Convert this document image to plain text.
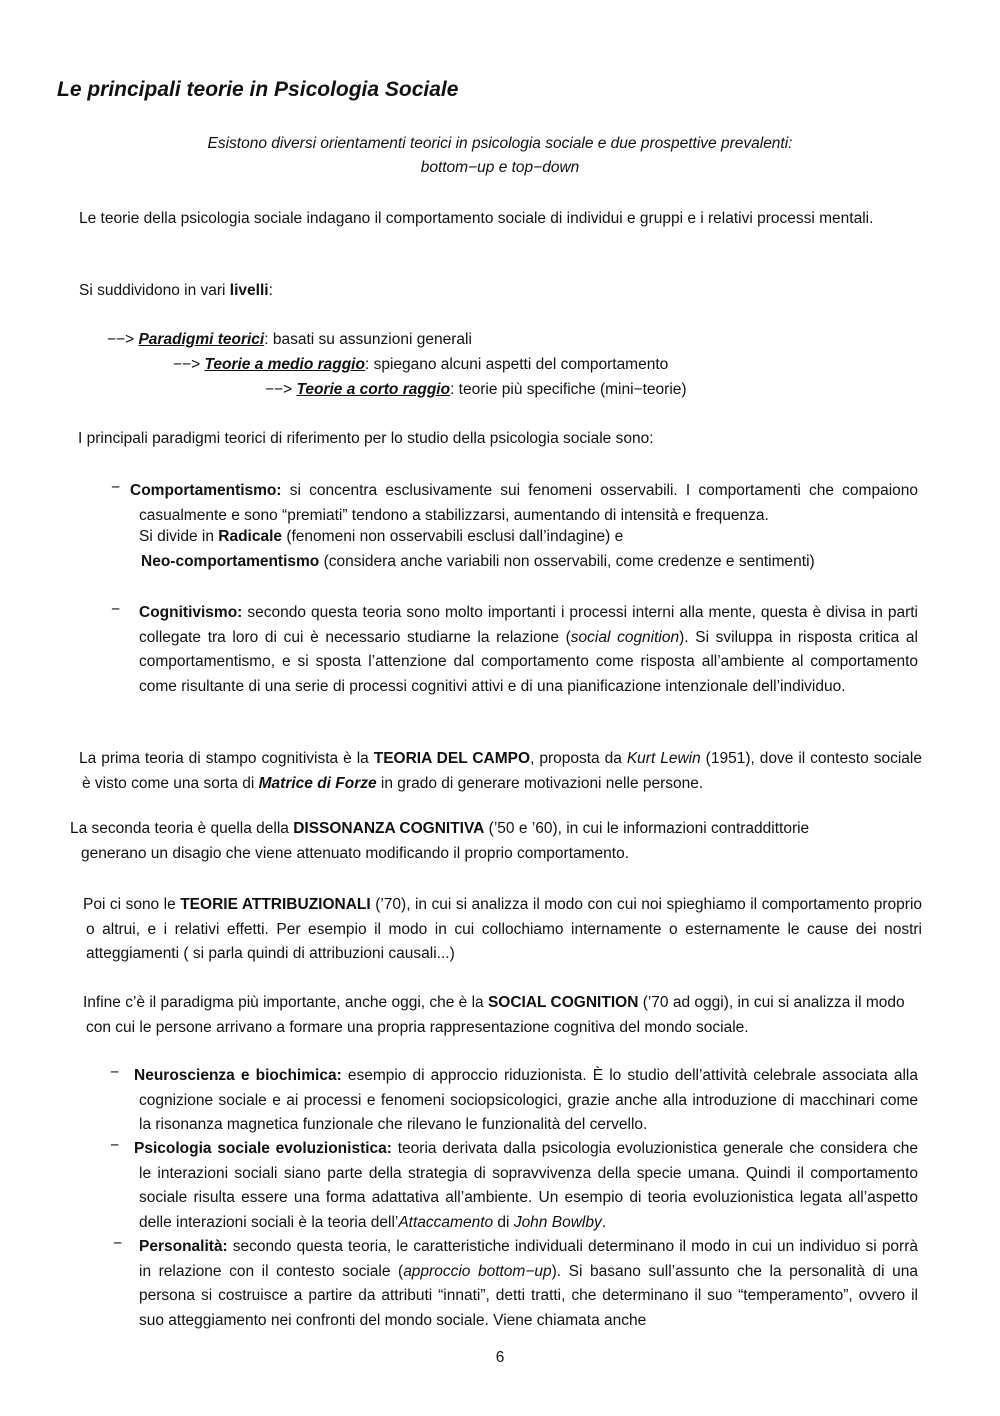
Le principali teorie in Psicologia Sociale
Esistono diversi orientamenti teorici in psicologia sociale e due prospettive prevalenti:
bottom−up e top−down
Le teorie della psicologia sociale indagano il comportamento sociale di individui e gruppi e i relativi processi mentali.
Si suddividono in vari livelli:
−−> Paradigmi teorici: basati su assunzioni generali
−−> Teorie a medio raggio: spiegano alcuni aspetti del comportamento
−−> Teorie a corto raggio: teorie più specifiche (mini−teorie)
I principali paradigmi teorici di riferimento per lo studio della psicologia sociale sono:
− Comportamentismo: si concentra esclusivamente sui fenomeni osservabili. I comportamenti che compaiono casualmente e sono “premiati” tendono a stabilizzarsi, aumentando di intensità e frequenza.
Si divide in Radicale (fenomeni non osservabili esclusi dall’indagine) e
Neo-comportamentismo (considera anche variabili non osservabili, come credenze e sentimenti)
− Cognitivismo: secondo questa teoria sono molto importanti i processi interni alla mente, questa è divisa in parti collegate tra loro di cui è necessario studiarne la relazione (social cognition). Si sviluppa in risposta critica al comportamentismo, e si sposta l’attenzione dal comportamento come risposta all’ambiente al comportamento come risultante di una serie di processi cognitivi attivi e di una pianificazione intenzionale dell’individuo.
La prima teoria di stampo cognitivista è la TEORIA DEL CAMPO, proposta da Kurt Lewin (1951), dove il contesto sociale è visto come una sorta di Matrice di Forze in grado di generare motivazioni nelle persone.
La seconda teoria è quella della DISSONANZA COGNITIVA (’50 e ’60), in cui le informazioni contraddittorie
generano un disagio che viene attenuato modificando il proprio comportamento.
Poi ci sono le TEORIE ATTRIBUZIONALI (’70), in cui si analizza il modo con cui noi spieghiamo il comportamento proprio o altrui, e i relativi effetti. Per esempio il modo in cui collochiamo internamente o esternamente le cause dei nostri atteggiamenti ( si parla quindi di attribuzioni causali...)
Infine c’è il paradigma più importante, anche oggi, che è la SOCIAL COGNITION (’70 ad oggi), in cui si analizza il modo con cui le persone arrivano a formare una propria rappresentazione cognitiva del mondo sociale.
− Neuroscienza e biochimica: esempio di approccio riduzionista. È lo studio dell’attività celebrale associata alla cognizione sociale e ai processi e fenomeni sociopsicologici, grazie anche alla introduzione di macchinari come la risonanza magnetica funzionale che rilevano le funzionalità del cervello.
− Psicologia sociale evoluzionistica: teoria derivata dalla psicologia evoluzionistica generale che considera che le interazioni sociali siano parte della strategia di sopravvivenza della specie umana. Quindi il comportamento sociale risulta essere una forma adattativa all’ambiente. Un esempio di teoria evoluzionistica legata all’aspetto delle interazioni sociali è la teoria dell’Attaccamento di John Bowlby.
− Personalità: secondo questa teoria, le caratteristiche individuali determinano il modo in cui un individuo si porrà in relazione con il contesto sociale (approccio bottom−up). Si basano sull’assunto che la personalità di una persona si costruisce a partire da attributi “innati”, detti tratti, che determinano il suo “temperamento”, ovvero il suo atteggiamento nei confronti del mondo sociale. Viene chiamata anche
6
